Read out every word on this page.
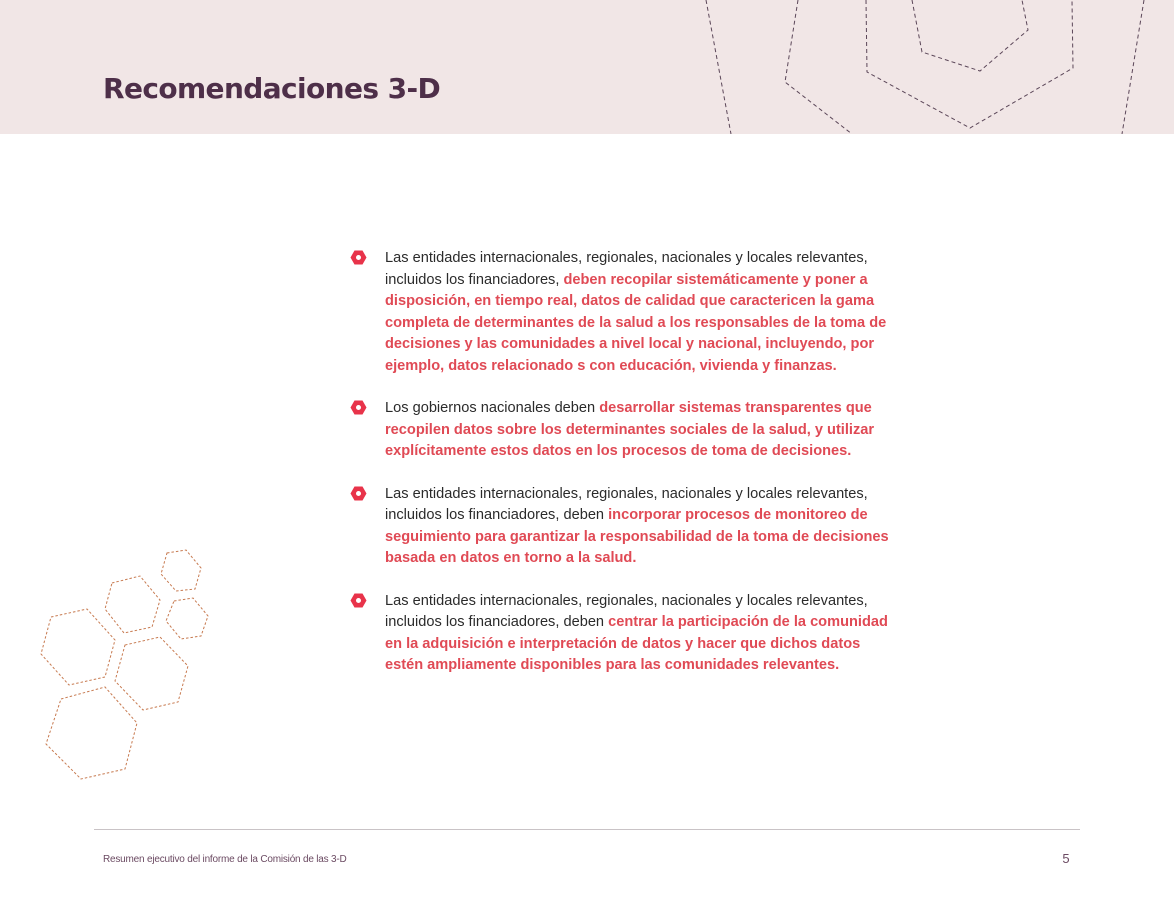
Recomendaciones 3-D
Las entidades internacionales, regionales, nacionales y locales relevantes, incluidos los financiadores, deben recopilar sistemáticamente y poner a disposición, en tiempo real, datos de calidad que caractericen la gama completa de determinantes de la salud a los responsables de la toma de decisiones y las comunidades a nivel local y nacional, incluyendo, por ejemplo, datos relacionado s con educación, vivienda y finanzas.
Los gobiernos nacionales deben desarrollar sistemas transparentes que recopilen datos sobre los determinantes sociales de la salud, y utilizar explícitamente estos datos en los procesos de toma de decisiones.
Las entidades internacionales, regionales, nacionales y locales relevantes, incluidos los financiadores, deben incorporar procesos de monitoreo de seguimiento para garantizar la responsabilidad de la toma de decisiones basada en datos en torno a la salud.
Las entidades internacionales, regionales, nacionales y locales relevantes, incluidos los financiadores, deben centrar la participación de la comunidad en la adquisición e interpretación de datos y hacer que dichos datos estén ampliamente disponibles para las comunidades relevantes.
Resumen ejecutivo del informe de la Comisión de las 3-D	5
